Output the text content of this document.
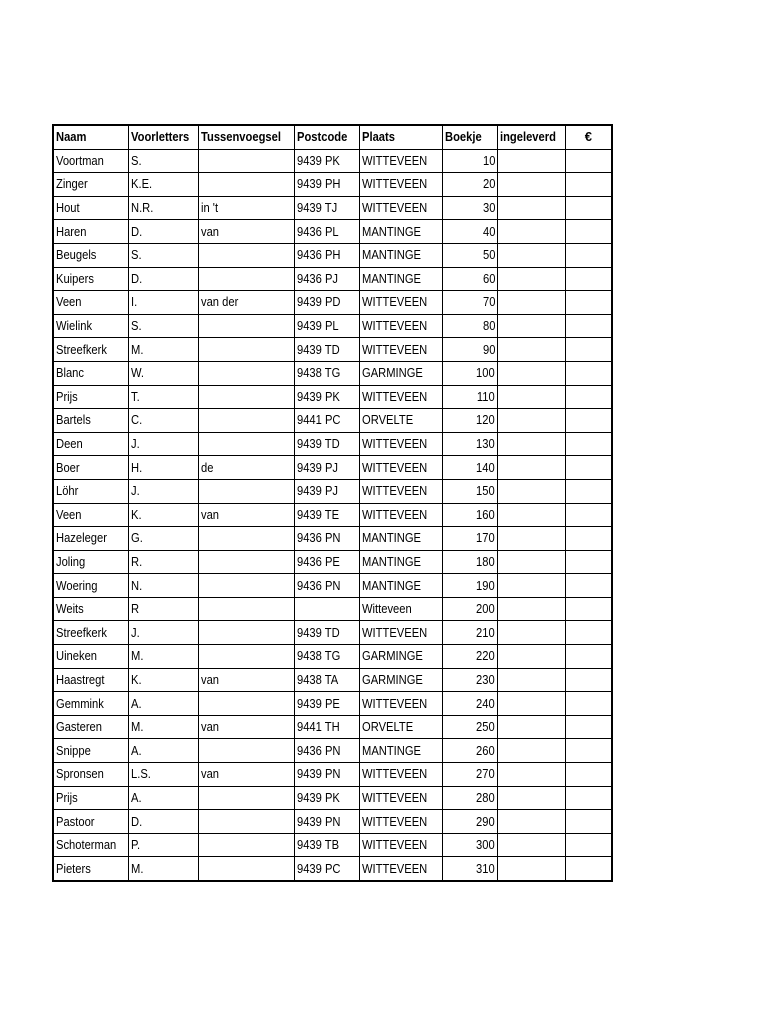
Naam	Voorletters	Tussenvoegsel	Postcode	Plaats	Boekje	ingeleverd	€
Voortman	S.		9439 PK	WITTEVEEN	10		
Zinger	K.E.		9439 PH	WITTEVEEN	20		
Hout	N.R.	in 't	9439 TJ	WITTEVEEN	30		
Haren	D.	van	9436 PL	MANTINGE	40		
Beugels	S.		9436 PH	MANTINGE	50		
Kuipers	D.		9436 PJ	MANTINGE	60		
Veen	I.	van der	9439 PD	WITTEVEEN	70		
Wielink	S.		9439 PL	WITTEVEEN	80		
Streefkerk	M.		9439 TD	WITTEVEEN	90		
Blanc	W.		9438 TG	GARMINGE	100		
Prijs	T.		9439 PK	WITTEVEEN	110		
Bartels	C.		9441 PC	ORVELTE	120		
Deen	J.		9439 TD	WITTEVEEN	130		
Boer	H.	de	9439 PJ	WITTEVEEN	140		
Löhr	J.		9439 PJ	WITTEVEEN	150		
Veen	K.	van	9439 TE	WITTEVEEN	160		
Hazeleger	G.		9436 PN	MANTINGE	170		
Joling	R.		9436 PE	MANTINGE	180		
Woering	N.		9436 PN	MANTINGE	190		
Weits	R			Witteveen	200		
Streefkerk	J.		9439 TD	WITTEVEEN	210		
Uineken	M.		9438 TG	GARMINGE	220		
Haastregt	K.	van	9438 TA	GARMINGE	230		
Gemmink	A.		9439 PE	WITTEVEEN	240		
Gasteren	M.	van	9441 TH	ORVELTE	250		
Snippe	A.		9436 PN	MANTINGE	260		
Spronsen	L.S.	van	9439 PN	WITTEVEEN	270		
Prijs	A.		9439 PK	WITTEVEEN	280		
Pastoor	D.		9439 PN	WITTEVEEN	290		
Schoterman	P.		9439 TB	WITTEVEEN	300		
Pieters	M.		9439 PC	WITTEVEEN	310		
